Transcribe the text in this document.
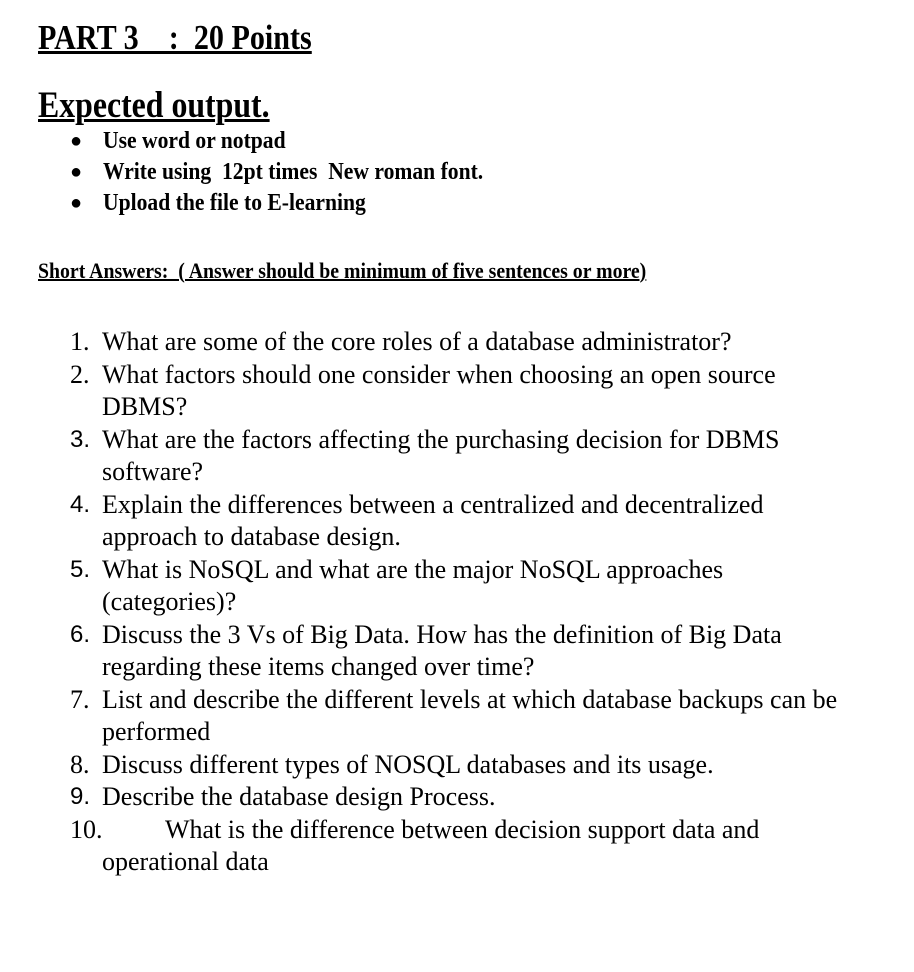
PART 3    :  20 Points
Expected output.
● Use word or notpad
● Write using  12pt times  New roman font.
● Upload the file to E-learning
Short Answers:  ( Answer should be minimum of five sentences or more)
1. What are some of the core roles of a database administrator?
2. What factors should one consider when choosing an open source DBMS?
3. What are the factors affecting the purchasing decision for DBMS software?
4. Explain the differences between a centralized and decentralized approach to database design.
5. What is NoSQL and what are the major NoSQL approaches (categories)?
6. Discuss the 3 Vs of Big Data. How has the definition of Big Data regarding these items changed over time?
7. List and describe the different levels at which database backups can be performed
8. Discuss different types of NOSQL databases and its usage.
9. Describe the database design Process.
10. What is the difference between decision support data and
operational data
